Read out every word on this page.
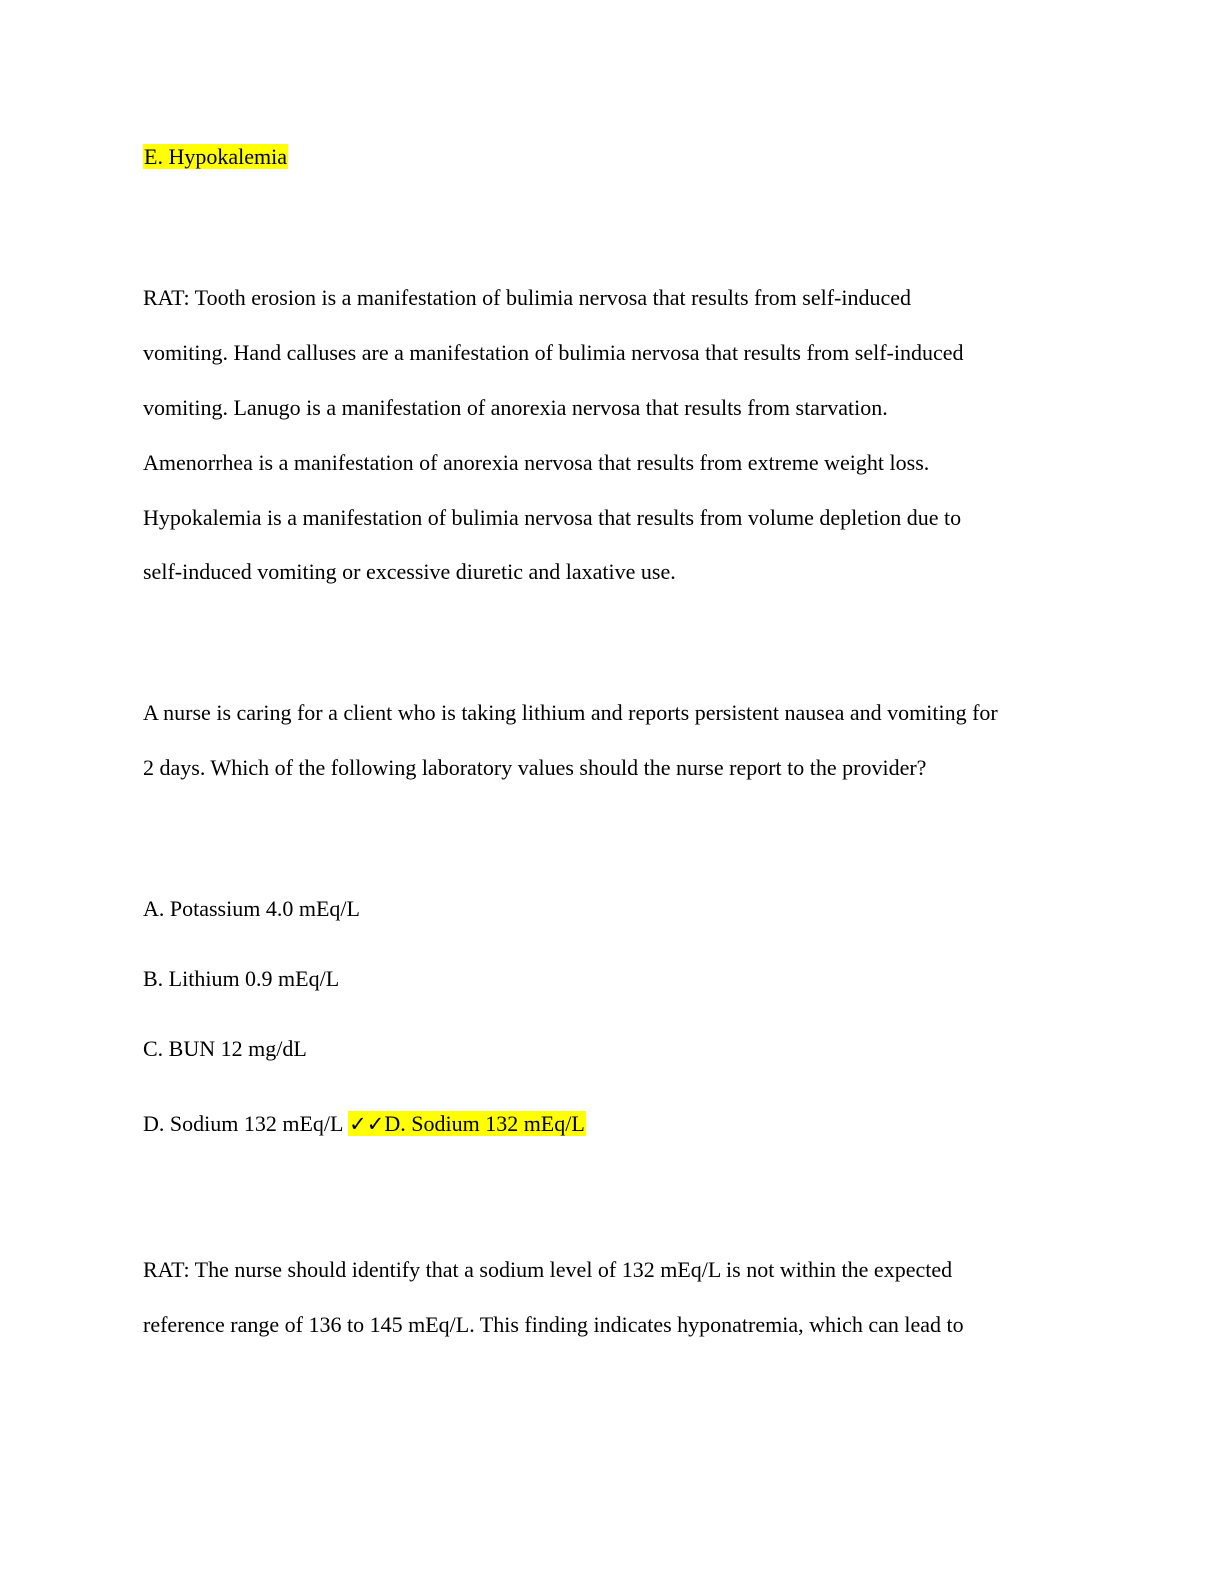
E. Hypokalemia
RAT: Tooth erosion is a manifestation of bulimia nervosa that results from self-induced
vomiting. Hand calluses are a manifestation of bulimia nervosa that results from self-induced
vomiting. Lanugo is a manifestation of anorexia nervosa that results from starvation.
Amenorrhea is a manifestation of anorexia nervosa that results from extreme weight loss.
Hypokalemia is a manifestation of bulimia nervosa that results from volume depletion due to
self-induced vomiting or excessive diuretic and laxative use.
A nurse is caring for a client who is taking lithium and reports persistent nausea and vomiting for
2 days. Which of the following laboratory values should the nurse report to the provider?
A. Potassium 4.0 mEq/L
B. Lithium 0.9 mEq/L
C. BUN 12 mg/dL
D. Sodium 132 mEq/L ✓✓D. Sodium 132 mEq/L
RAT: The nurse should identify that a sodium level of 132 mEq/L is not within the expected
reference range of 136 to 145 mEq/L. This finding indicates hyponatremia, which can lead to
